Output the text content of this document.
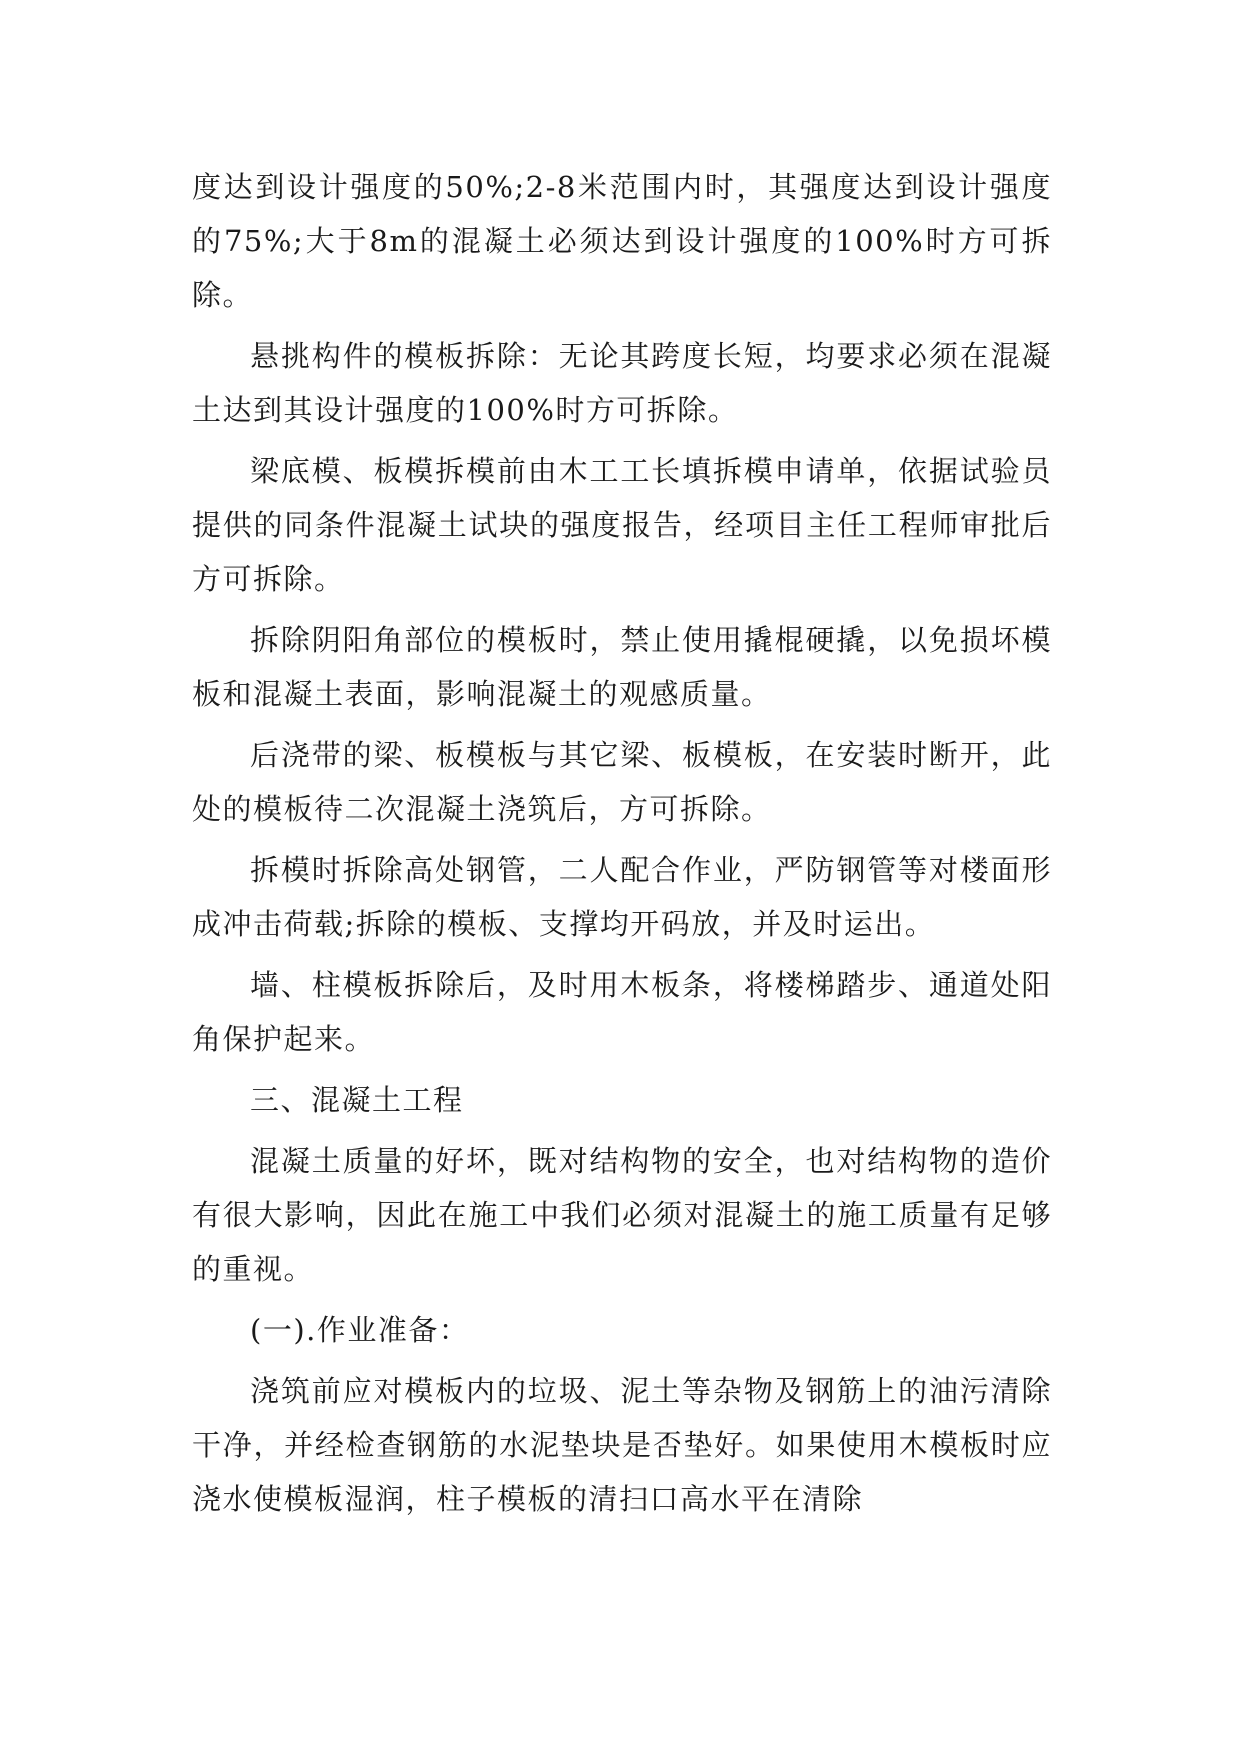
度达到设计强度的50%;2-8米范围内时，其强度达到设计强度的75%;大于8m的混凝土必须达到设计强度的100%时方可拆除。

悬挑构件的模板拆除：无论其跨度长短，均要求必须在混凝土达到其设计强度的100%时方可拆除。

梁底模、板模拆模前由木工工长填拆模申请单，依据试验员提供的同条件混凝土试块的强度报告，经项目主任工程师审批后方可拆除。

拆除阴阳角部位的模板时，禁止使用撬棍硬撬，以免损坏模板和混凝土表面，影响混凝土的观感质量。

后浇带的梁、板模板与其它梁、板模板，在安装时断开，此处的模板待二次混凝土浇筑后，方可拆除。

拆模时拆除高处钢管，二人配合作业，严防钢管等对楼面形成冲击荷载;拆除的模板、支撑均开码放，并及时运出。

墙、柱模板拆除后，及时用木板条，将楼梯踏步、通道处阳角保护起来。

三、混凝土工程

混凝土质量的好坏，既对结构物的安全，也对结构物的造价有很大影响，因此在施工中我们必须对混凝土的施工质量有足够的重视。

(一).作业准备：

浇筑前应对模板内的垃圾、泥土等杂物及钢筋上的油污清除干净，并经检查钢筋的水泥垫块是否垫好。如果使用木模板时应浇水使模板湿润，柱子模板的清扫口高水平在清除
